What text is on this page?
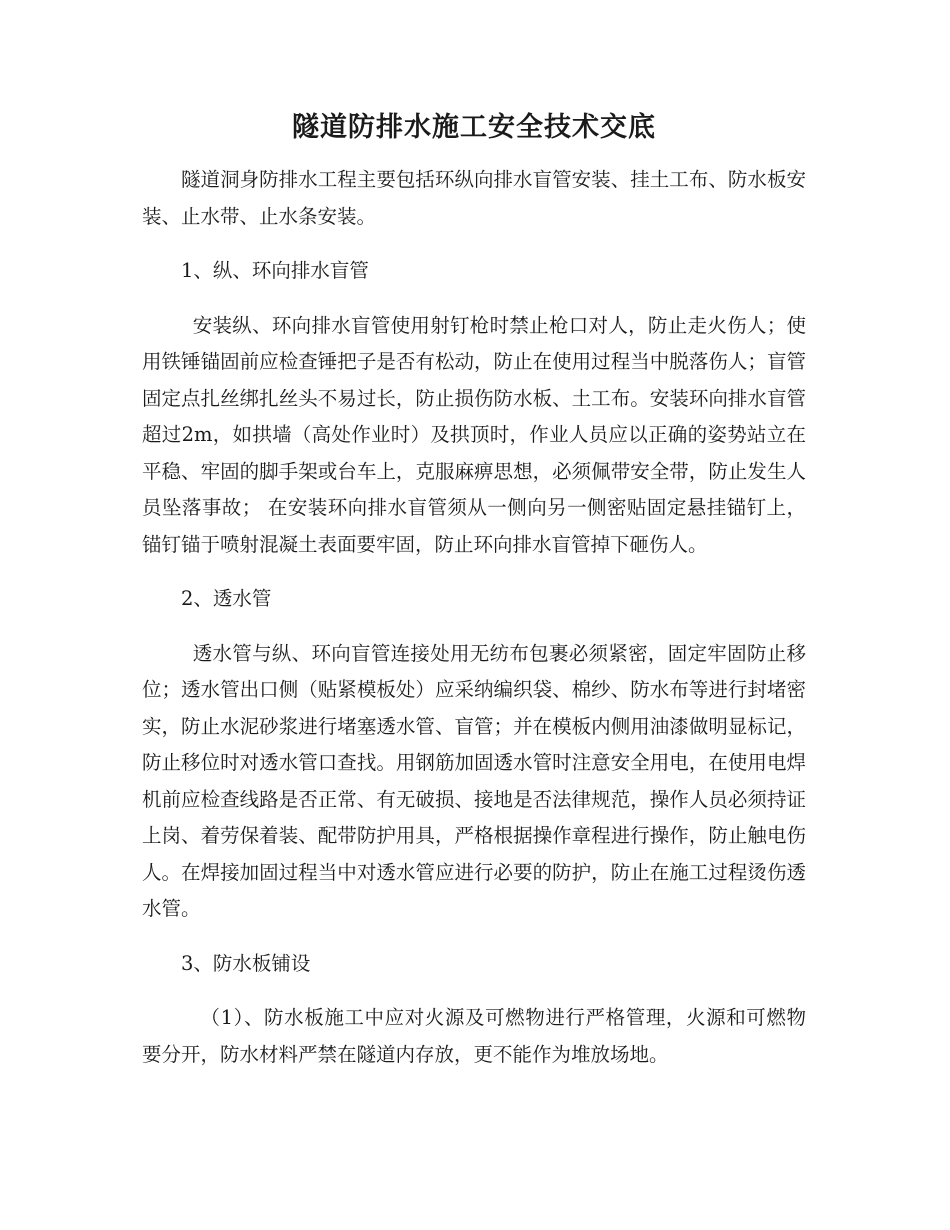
隧道防排水施工安全技术交底

隧道洞身防排水工程主要包括环纵向排水盲管安装、挂土工布、防水板安装、止水带、止水条安装。

1、纵、环向排水盲管

安装纵、环向排水盲管使用射钉枪时禁止枪口对人，防止走火伤人；使用铁锤锚固前应检查锤把子是否有松动，防止在使用过程当中脱落伤人；盲管固定点扎丝绑扎丝头不易过长，防止损伤防水板、土工布。安装环向排水盲管超过2m，如拱墙（高处作业时）及拱顶时，作业人员应以正确的姿势站立在平稳、牢固的脚手架或台车上，克服麻痹思想，必须佩带安全带，防止发生人员坠落事故； 在安装环向排水盲管须从一侧向另一侧密贴固定悬挂锚钉上，锚钉锚于喷射混凝土表面要牢固，防止环向排水盲管掉下砸伤人。

2、透水管

透水管与纵、环向盲管连接处用无纺布包裹必须紧密，固定牢固防止移位；透水管出口侧（贴紧模板处）应采纳编织袋、棉纱、防水布等进行封堵密实，防止水泥砂浆进行堵塞透水管、盲管；并在模板内侧用油漆做明显标记，防止移位时对透水管口查找。用钢筋加固透水管时注意安全用电，在使用电焊机前应检查线路是否正常、有无破损、接地是否法律规范，操作人员必须持证上岗、着劳保着装、配带防护用具，严格根据操作章程进行操作，防止触电伤人。在焊接加固过程当中对透水管应进行必要的防护，防止在施工过程烫伤透水管。

3、防水板铺设

（1）、防水板施工中应对火源及可燃物进行严格管理，火源和可燃物要分开，防水材料严禁在隧道内存放，更不能作为堆放场地。
